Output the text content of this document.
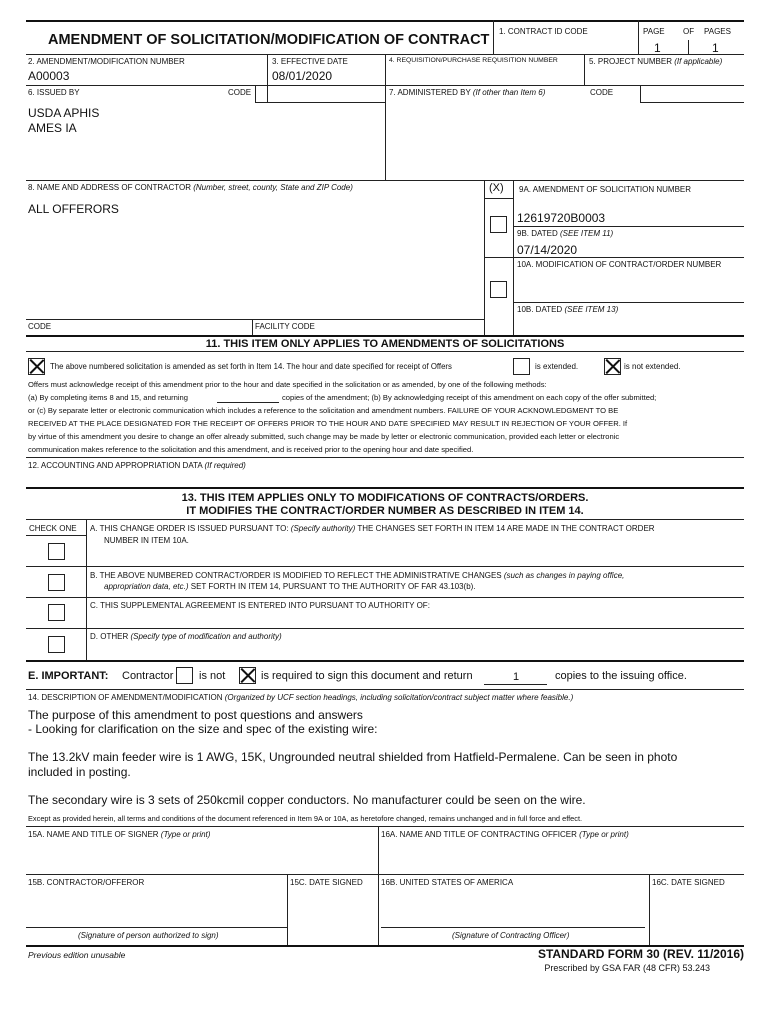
AMENDMENT OF SOLICITATION/MODIFICATION OF CONTRACT
1. CONTRACT ID CODE	PAGE OF PAGES
1	1
2. AMENDMENT/MODIFICATION NUMBER
A00003
3. EFFECTIVE DATE
08/01/2020
4. REQUISITION/PURCHASE REQUISITION NUMBER	5. PROJECT NUMBER (If applicable)
6. ISSUED BY	CODE
USDA APHIS
AMES IA
7. ADMINISTERED BY (If other than Item 6)	CODE
8. NAME AND ADDRESS OF CONTRACTOR (Number, street, county, State and ZIP Code)
ALL OFFERORS
(X) 9A. AMENDMENT OF SOLICITATION NUMBER
12619720B0003
9B. DATED (SEE ITEM 11)
07/14/2020
10A. MODIFICATION OF CONTRACT/ORDER NUMBER
10B. DATED (SEE ITEM 13)
CODE	FACILITY CODE
11. THIS ITEM ONLY APPLIES TO AMENDMENTS OF SOLICITATIONS
The above numbered solicitation is amended as set forth in Item 14. The hour and date specified for receipt of Offers	is extended.	is not extended.
Offers must acknowledge receipt of this amendment prior to the hour and date specified in the solicitation or as amended, by one of the following methods:
(a) By completing items 8 and 15, and returning	copies of the amendment; (b) By acknowledging receipt of this amendment on each copy of the offer submitted;
or (c) By separate letter or electronic communication which includes a reference to the solicitation and amendment numbers. FAILURE OF YOUR ACKNOWLEDGMENT TO BE
RECEIVED AT THE PLACE DESIGNATED FOR THE RECEIPT OF OFFERS PRIOR TO THE HOUR AND DATE SPECIFIED MAY RESULT IN REJECTION OF YOUR OFFER. If
by virtue of this amendment you desire to change an offer already submitted, such change may be made by letter or electronic communication, provided each letter or electronic
communication makes reference to the solicitation and this amendment, and is received prior to the opening hour and date specified.
12. ACCOUNTING AND APPROPRIATION DATA (If required)
13. THIS ITEM APPLIES ONLY TO MODIFICATIONS OF CONTRACTS/ORDERS.
IT MODIFIES THE CONTRACT/ORDER NUMBER AS DESCRIBED IN ITEM 14.
CHECK ONE A. THIS CHANGE ORDER IS ISSUED PURSUANT TO: (Specify authority) THE CHANGES SET FORTH IN ITEM 14 ARE MADE IN THE CONTRACT ORDER
NUMBER IN ITEM 10A.
B. THE ABOVE NUMBERED CONTRACT/ORDER IS MODIFIED TO REFLECT THE ADMINISTRATIVE CHANGES (such as changes in paying office,
appropriation data, etc.) SET FORTH IN ITEM 14, PURSUANT TO THE AUTHORITY OF FAR 43.103(b).
C. THIS SUPPLEMENTAL AGREEMENT IS ENTERED INTO PURSUANT TO AUTHORITY OF:
D. OTHER (Specify type of modification and authority)
E. IMPORTANT: Contractor is not	is required to sign this document and return	1	copies to the issuing office.
14. DESCRIPTION OF AMENDMENT/MODIFICATION (Organized by UCF section headings, including solicitation/contract subject matter where feasible.)
The purpose of this amendment to post questions and answers
- Looking for clarification on the size and spec of the existing wire:
The 13.2kV main feeder wire is 1 AWG, 15K, Ungrounded neutral shielded from Hatfield-Permalene. Can be seen in photo
included in posting.
The secondary wire is 3 sets of 250kcmil copper conductors. No manufacturer could be seen on the wire.
Except as provided herein, all terms and conditions of the document referenced in Item 9A or 10A, as heretofore changed, remains unchanged and in full force and effect.
15A. NAME AND TITLE OF SIGNER (Type or print)	16A. NAME AND TITLE OF CONTRACTING OFFICER (Type or print)
15B. CONTRACTOR/OFFEROR	15C. DATE SIGNED 16B. UNITED STATES OF AMERICA	16C. DATE SIGNED
(Signature of person authorized to sign)	(Signature of Contracting Officer)
Previous edition unusable	STANDARD FORM 30 (REV. 11/2016)
Prescribed by GSA FAR (48 CFR) 53.243
